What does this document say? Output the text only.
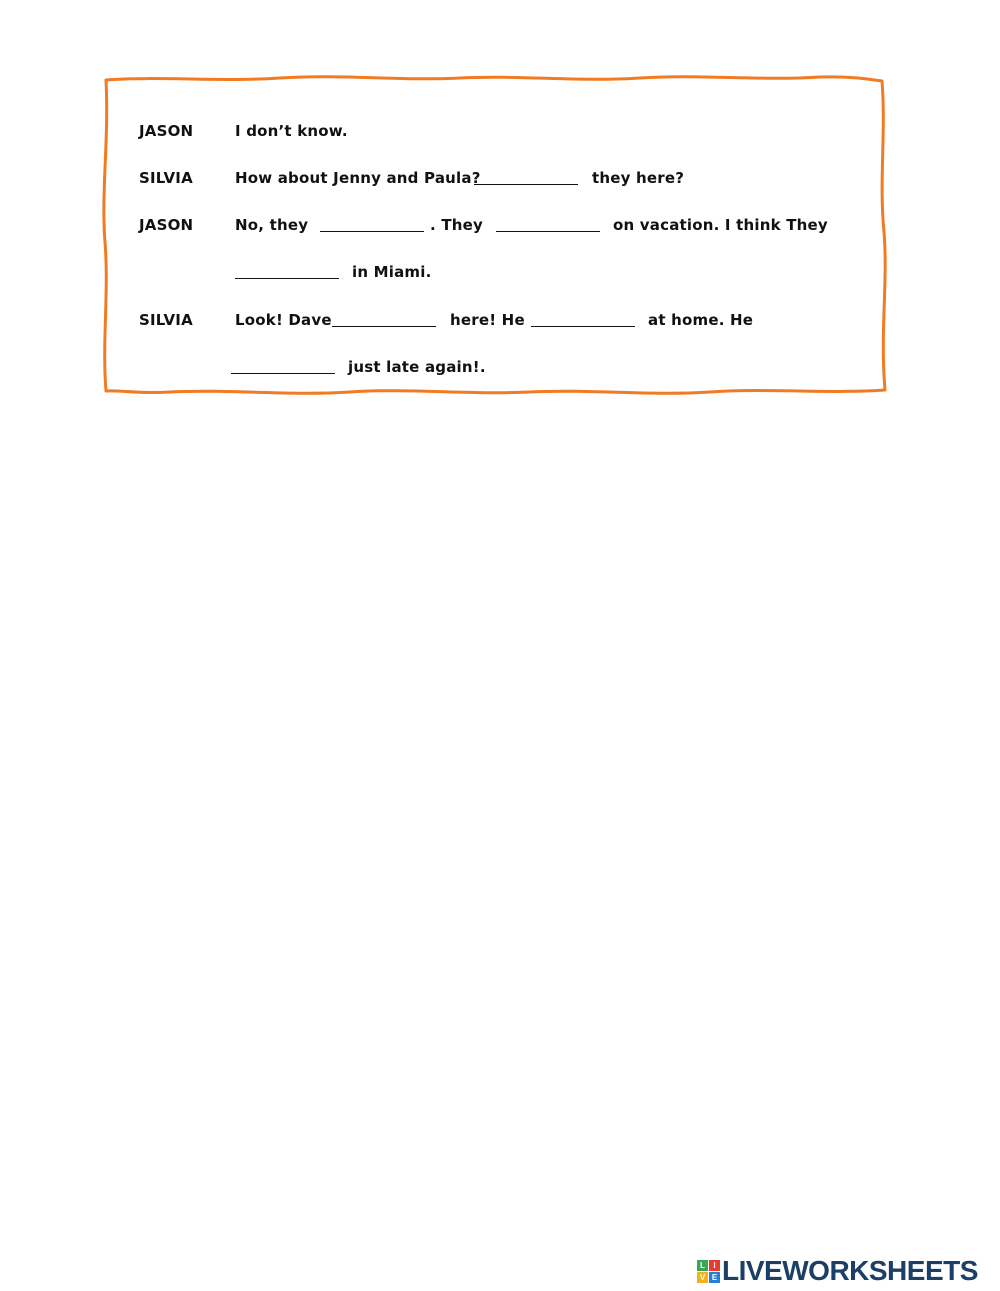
JASON	I don’t know.
SILVIA	How about Jenny and Paula?	they here?
JASON	No, they	. They	on vacation. I think They
in Miami.
SILVIA	Look! Dave	here! He	at home. He
just late again!.
L	I
V E LIVEWORKSHEETS
